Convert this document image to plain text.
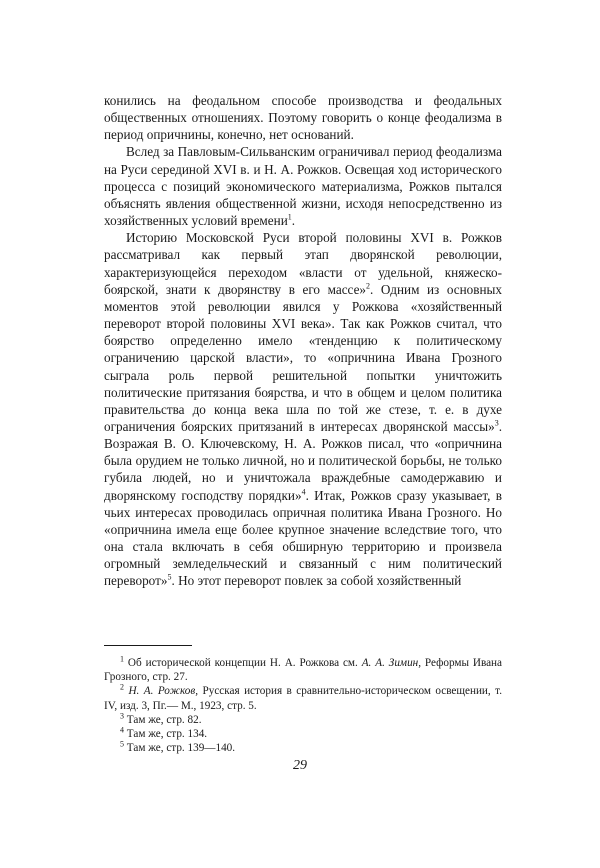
конились на феодальном способе производства и феодальных общественных отношениях. Поэтому говорить о конце феодализма в период опричнины, конечно, нет оснований.

Вслед за Павловым-Сильванским ограничивал период феодализма на Руси серединой XVI в. и Н. А. Рожков. Освещая ход исторического процесса с позиций экономического материализма, Рожков пытался объяснять явления общественной жизни, исходя непосредственно из хозяйственных условий времени$^1$.

Историю Московской Руси второй половины XVI в. Рожков рассматривал как первый этап дворянской революции, характеризующейся переходом «власти от удельной, княжеско-боярской, знати к дворянству в его массе»$^2$. Одним из основных моментов этой революции явился у Рожкова «хозяйственный переворот второй половины XVI века». Так как Рожков считал, что боярство определенно имело «тенденцию к политическому ограничению царской власти», то «опричнина Ивана Грозного сыграла роль первой решительной попытки уничтожить политические притязания боярства, и что в общем и целом политика правительства до конца века шла по той же стезе, т. е. в духе ограничения боярских притязаний в интересах дворянской массы»$^3$. Возражая В. О. Ключевскому, Н. А. Рожков писал, что «опричнина была орудием не только личной, но и политической борьбы, не только губила людей, но и уничтожала враждебные самодержавию и дворянскому господству порядки»$^4$. Итак, Рожков сразу указывает, в чьих интересах проводилась опричная политика Ивана Грозного. Но «опричнина имела еще более крупное значение вследствие того, что она стала включать в себя обширную территорию и произвела огромный земледельческий и связанный с ним политический переворот»$^5$. Но этот переворот повлек за собой хозяйственный

$^1$ Об исторической концепции Н. А. Рожкова см. А. А. Зимин, Реформы Ивана Грозного, стр. 27.

$^2$ Н. А. Рожков, Русская история в сравнительно-историческом освещении, т. IV, изд. 3, Пг.— М., 1923, стр. 5.

$^3$ Там же, стр. 82.

$^4$ Там же, стр. 134.

$^5$ Там же, стр. 139—140.

29
